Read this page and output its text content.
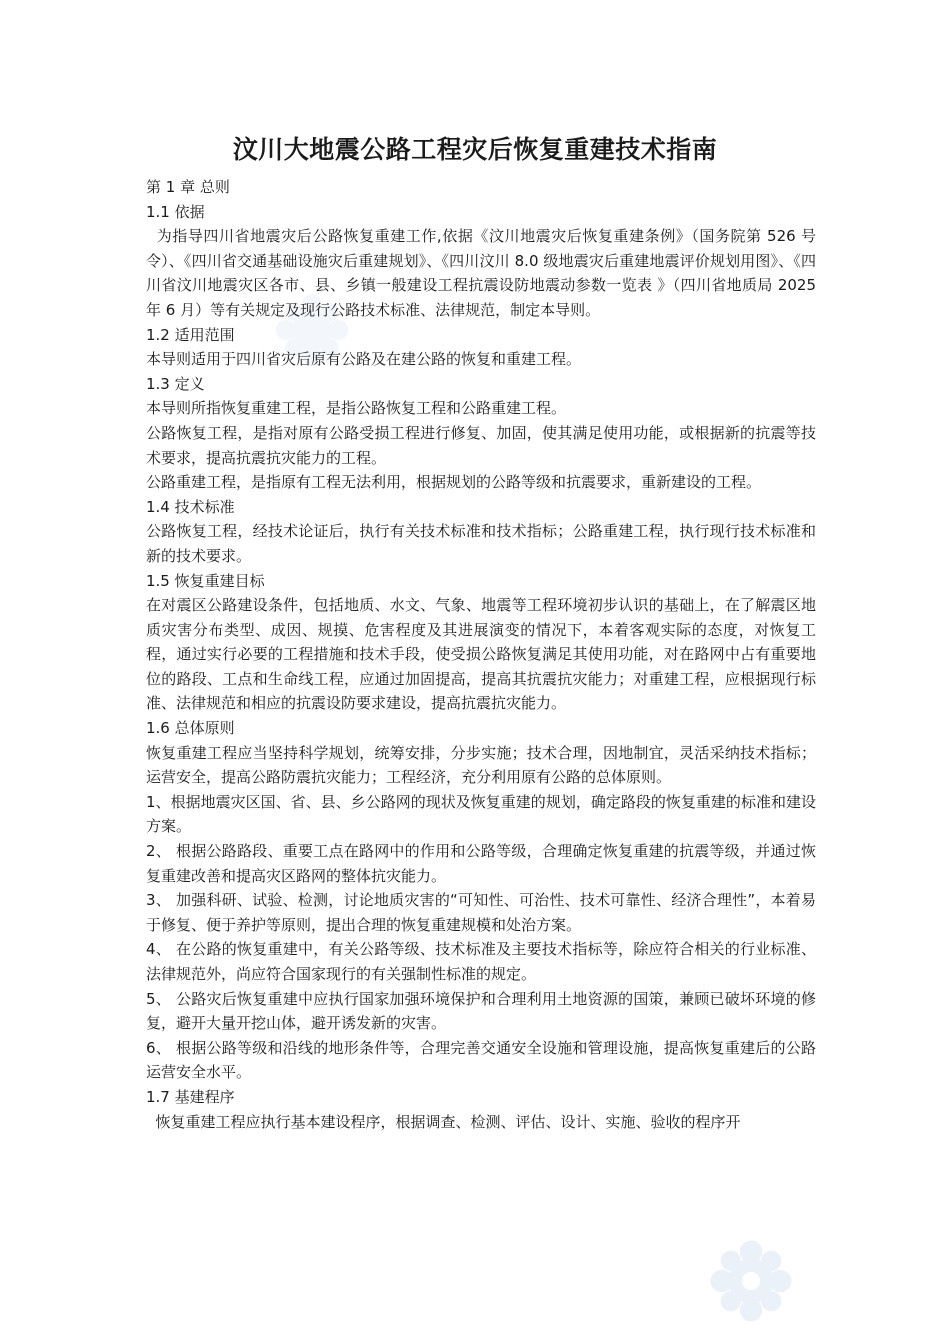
汶川大地震公路工程灾后恢复重建技术指南

第 1 章 总则

1.1 依据

为指导四川省地震灾后公路恢复重建工作,依据《汶川地震灾后恢复重建条例》（国务院第 526 号令）、《四川省交通基础设施灾后重建规划》、《四川汶川 8.0 级地震灾后重建地震评价规划用图》、《四川省汶川地震灾区各市、县、乡镇一般建设工程抗震设防地震动参数一览表 》（四川省地质局 2025 年 6 月）等有关规定及现行公路技术标准、法律规范，制定本导则。

1.2 适用范围

本导则适用于四川省灾后原有公路及在建公路的恢复和重建工程。

1.3 定义

本导则所指恢复重建工程，是指公路恢复工程和公路重建工程。

公路恢复工程，是指对原有公路受损工程进行修复、加固，使其满足使用功能，或根据新的抗震等技术要求，提高抗震抗灾能力的工程。

公路重建工程，是指原有工程无法利用，根据规划的公路等级和抗震要求，重新建设的工程。

1.4 技术标准

公路恢复工程，经技术论证后，执行有关技术标准和技术指标；公路重建工程，执行现行技术标准和新的技术要求。

1.5 恢复重建目标

在对震区公路建设条件，包括地质、水文、气象、地震等工程环境初步认识的基础上，在了解震区地质灾害分布类型、成因、规摸、危害程度及其进展演变的情况下，本着客观实际的态度，对恢复工程，通过实行必要的工程措施和技术手段，使受损公路恢复满足其使用功能，对在路网中占有重要地位的路段、工点和生命线工程，应通过加固提高，提高其抗震抗灾能力；对重建工程，应根据现行标准、法律规范和相应的抗震设防要求建设，提高抗震抗灾能力。

1.6 总体原则

恢复重建工程应当坚持科学规划，统筹安排，分步实施；技术合理，因地制宜，灵活采纳技术指标；运营安全，提高公路防震抗灾能力；工程经济，充分利用原有公路的总体原则。

1、根据地震灾区国、省、县、乡公路网的现状及恢复重建的规划，确定路段的恢复重建的标准和建设方案。

2、 根据公路路段、重要工点在路网中的作用和公路等级，合理确定恢复重建的抗震等级，并通过恢复重建改善和提高灾区路网的整体抗灾能力。

3、 加强科研、试验、检测，讨论地质灾害的“可知性、可治性、技术可靠性、经济合理性”，本着易于修复、便于养护等原则，提出合理的恢复重建规模和处治方案。

4、 在公路的恢复重建中，有关公路等级、技术标准及主要技术指标等，除应符合相关的行业标准、法律规范外，尚应符合国家现行的有关强制性标准的规定。

5、 公路灾后恢复重建中应执行国家加强环境保护和合理利用土地资源的国策，兼顾已破坏环境的修复，避开大量开挖山体，避开诱发新的灾害。

6、 根据公路等级和沿线的地形条件等，合理完善交通安全设施和管理设施，提高恢复重建后的公路运营安全水平。

1.7 基建程序

恢复重建工程应执行基本建设程序，根据调查、检测、评估、设计、实施、验收的程序开
